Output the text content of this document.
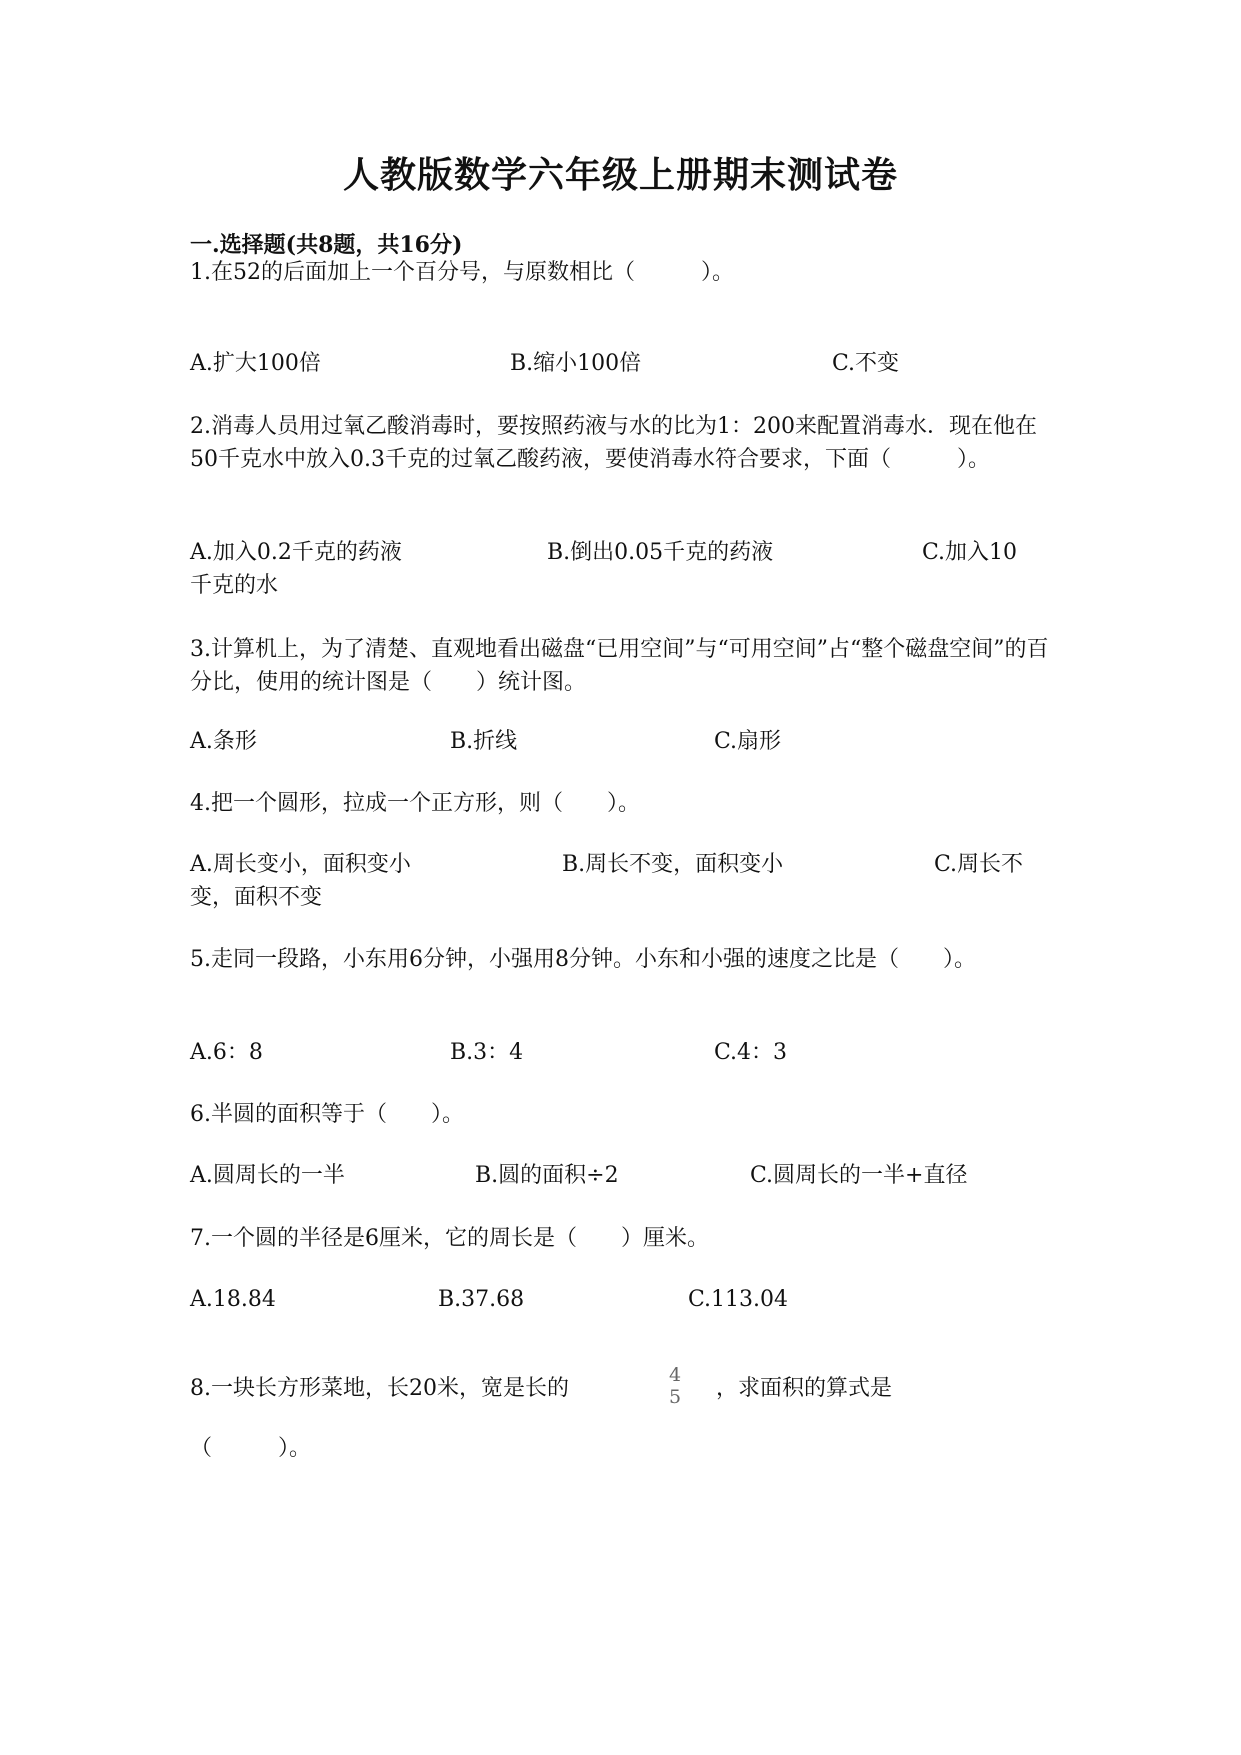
人教版数学六年级上册期末测试卷
一.选择题(共8题，共16分)
1.在52的后面加上一个百分号，与原数相比（　　　）。
A.扩大100倍	B.缩小100倍	C.不变
2.消毒人员用过氧乙酸消毒时，要按照药液与水的比为1：200来配置消毒水．现在他在50千克水中放入0.3千克的过氧乙酸药液，要使消毒水符合要求，下面（　　　）。
A.加入0.2千克的药液	B.倒出0.05千克的药液	C.加入10
千克的水
3.计算机上，为了清楚、直观地看出磁盘“已用空间”与“可用空间”占“整个磁盘空间”的百分比，使用的统计图是（　　）统计图。
A.条形	B.折线	C.扇形
4.把一个圆形，拉成一个正方形，则（　　）。
A.周长变小，面积变小	B.周长不变，面积变小	C.周长不
变，面积不变
5.走同一段路，小东用6分钟，小强用8分钟。小东和小强的速度之比是（　　）。
A.6：8	B.3：4	C.4：3
6.半圆的面积等于（　　）。
A.圆周长的一半	B.圆的面积÷2	C.圆周长的一半+直径
7.一个圆的半径是6厘米，它的周长是（　　）厘米。
A.18.84	B.37.68	C.113.04
8.一块长方形菜地，长20米，宽是长的
4
5 ，求面积的算式是
（　　　）。
